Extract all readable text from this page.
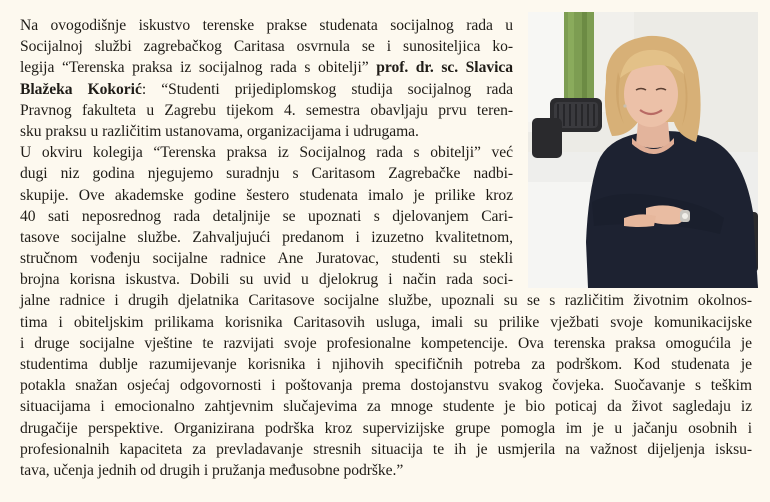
Na ovogodišnje iskustvo terenske prakse studenata socijalnog rada u
Socijalnoj službi zagrebačkog Caritasa osvrnula se i sunositeljica ko-
legija “Terenska praksa iz socijalnog rada s obitelji” prof. dr. sc. Slavica
Blažeka Kokorić: “Studenti prijediplomskog studija socijalnog rada
Pravnog fakulteta u Zagrebu tijekom 4. semestra obavljaju prvu teren-
sku praksu u različitim ustanovama, organizacijama i udrugama.
U okviru kolegija “Terenska praksa iz Socijalnog rada s obitelji” već
dugi niz godina njegujemo suradnju s Caritasom Zagrebačke nadbi-
skupije. Ove akademske godine šestero studenata imalo je prilike kroz
40 sati neposrednog rada detaljnije se upoznati s djelovanjem Cari-
tasove socijalne službe. Zahvaljujući predanom i izuzetno kvalitetnom,
stručnom vođenju socijalne radnice Ane Juratovac, studenti su stekli
brojna korisna iskustva. Dobili su uvid u djelokrug i način rada soci-
jalne radnice i drugih djelatnika Caritasove socijalne službe, upoznali su se s različitim životnim okolnos-
tima i obiteljskim prilikama korisnika Caritasovih usluga, imali su prilike vježbati svoje komunikacijske
i druge socijalne vještine te razvijati svoje profesionalne kompetencije. Ova terenska praksa omogućila je
studentima dublje razumijevanje korisnika i njihovih specifičnih potreba za podrškom. Kod studenata je
potakla snažan osjećaj odgovornosti i poštovanja prema dostojanstvu svakog čovjeka. Suočavanje s teškim
situacijama i emocionalno zahtjevnim slučajevima za mnoge studente je bio poticaj da život sagledaju iz
drugačije perspektive. Organizirana podrška kroz supervizijske grupe pomogla im je u jačanju osobnih i
profesionalnih kapaciteta za prevladavanje stresnih situacija te ih je usmjerila na važnost dijeljenja isksu-
tava, učenja jednih od drugih i pružanja međusobne podrške.”
